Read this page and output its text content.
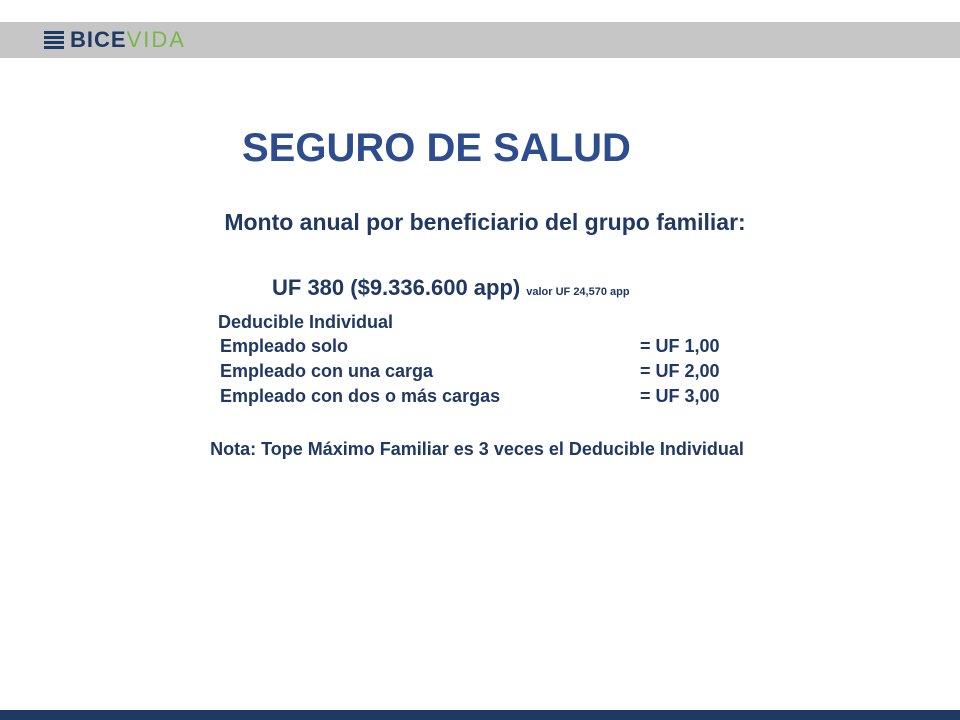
BICE VIDA
SEGURO DE SALUD
Monto anual por beneficiario del grupo familiar:
UF 380 ($9.336.600 app) valor UF 24,570 app
Deducible Individual
Empleado solo	= UF 1,00
Empleado con una carga	= UF 2,00
Empleado con dos o más cargas	= UF 3,00
Nota: Tope Máximo Familiar es 3 veces el Deducible Individual
